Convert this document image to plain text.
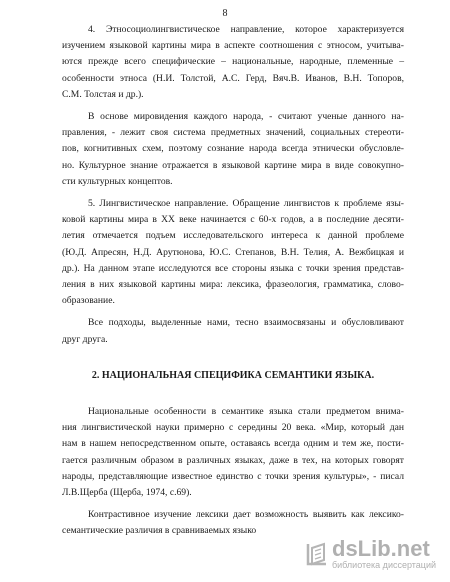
8
4. Этносоциолингвистическое направление, которое характеризуется
изучением языковой картины мира в аспекте соотношения с этносом, учитыва-
ются прежде всего специфические – национальные, народные, племенные –
особенности этноса (Н.И. Толстой, А.С. Герд, Вяч.В. Иванов, В.Н. Топоров,
С.М. Толстая и др.).
В основе мировидения каждого народа, - считают ученые данного на-
правления, - лежит своя система предметных значений, социальных стереоти-
пов, когнитивных схем, поэтому сознание народа всегда этнически обусловле-
но. Культурное знание отражается в языковой картине мира в виде совокупно-
сти культурных концептов.
5. Лингвистическое направление. Обращение лингвистов к проблеме язы-
ковой картины мира в XX веке начинается с 60-х годов, а в последние десяти-
летия отмечается подъем исследовательского интереса к данной проблеме
(Ю.Д. Апресян, Н.Д. Арутюнова, Ю.С. Степанов, В.Н. Телия, А. Вежбицкая и
др.). На данном этапе исследуются все стороны языка с точки зрения представ-
ления в них языковой картины мира: лексика, фразеология, грамматика, слово-
образование.
Все подходы, выделенные нами, тесно взаимосвязаны и обусловливают
друг друга.
2. НАЦИОНАЛЬНАЯ СПЕЦИФИКА СЕМАНТИКИ ЯЗЫКА.
Национальные особенности в семантике языка стали предметом внима-
ния лингвистической науки примерно с середины 20 века. «Мир, который дан
нам в нашем непосредственном опыте, оставаясь всегда одним и тем же, пости-
гается различным образом в различных языках, даже в тех, на которых говорят
народы, представляющие известное единство с точки зрения культуры», - писал
Л.В.Щерба (Щерба, 1974, с.69).
Контрастивное изучение лексики дает возможность выявить как лексико-
семантические различия в сравниваемых языко
dsLib.net
библиотека диссертаций
